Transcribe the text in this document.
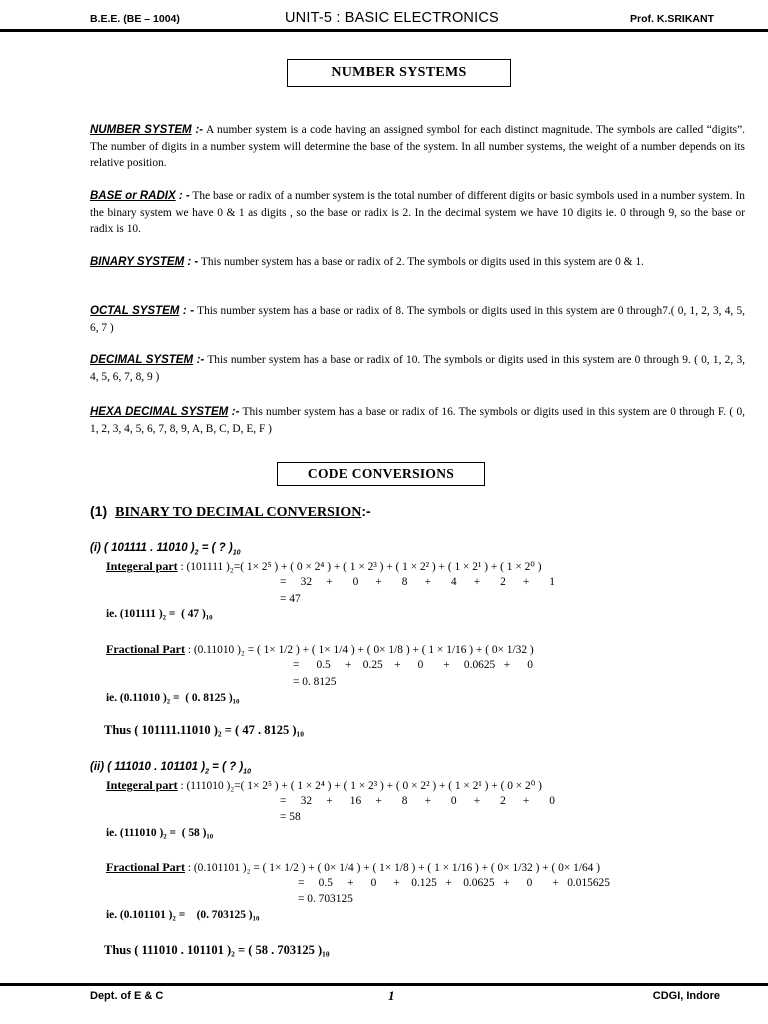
B.E.E. (BE – 1004)	UNIT-5 : BASIC ELECTRONICS	Prof. K.SRIKANT
NUMBER SYSTEMS
NUMBER SYSTEM :- A number system is a code having an assigned symbol for each distinct magnitude. The symbols are called “digits”. The number of digits in a number system will determine the base of the system. In all number systems, the weight of a number depends on its relative position.
BASE or RADIX : - The base or radix of a number system is the total number of different digits or basic symbols used in a number system. In the binary system we have 0 & 1 as digits , so the base or radix is 2. In the decimal system we have 10 digits ie. 0 through 9, so the base or radix is 10.
BINARY SYSTEM : - This number system has a base or radix of 2. The symbols or digits used in this system are 0 & 1.
OCTAL SYSTEM : - This number system has a base or radix of 8. The symbols or digits used in this system are 0 through7.( 0, 1, 2, 3, 4, 5, 6, 7 )
DECIMAL SYSTEM :- This number system has a base or radix of 10. The symbols or digits used in this system are 0 through 9. ( 0, 1, 2, 3, 4, 5, 6, 7, 8, 9 )
HEXA DECIMAL SYSTEM :- This number system has a base or radix of 16. The symbols or digits used in this system are 0 through F. ( 0, 1, 2, 3, 4, 5, 6, 7, 8, 9, A, B, C, D, E, F )
CODE CONVERSIONS
(1) BINARY TO DECIMAL CONVERSION:-
(i) ( 101111 . 11010 )$_2$ = ( ? )$_{10}$
Integeral part : (101111 )₂=( 1× 2⁵ ) + ( 0 × 2⁴ ) + ( 1 × 2³ ) + ( 1 × 2² ) + ( 1 × 2¹ ) + ( 1 × 2⁰ )
=     32     +       0      +       8      +       4      +       2      +       1
= 47
ie. (101111 )₂ =  ( 47 )₁₀
Fractional Part : (0.11010 )₂ = ( 1× 1/2 ) + ( 1× 1/4 ) + ( 0× 1/8 ) + ( 1 × 1/16 ) + ( 0× 1/32 )
=      0.5     +    0.25    +      0       +     0.0625   +      0
= 0. 8125
ie. (0.11010 )₂ =  ( 0. 8125 )₁₀
Thus ( 101111.11010 )₂ = ( 47 . 8125 )₁₀
(ii) ( 111010 . 101101 )$_2$ = ( ? )$_{10}$
Integeral part : (111010 )₂=( 1× 2⁵ ) + ( 1 × 2⁴ ) + ( 1 × 2³ ) + ( 0 × 2² ) + ( 1 × 2¹ ) + ( 0 × 2⁰ )
=     32     +      16     +       8      +       0      +       2      +       0
= 58
ie. (111010 )₂ =  ( 58 )₁₀
Fractional Part : (0.101101 )₂ = ( 1× 1/2 ) + ( 0× 1/4 ) + ( 1× 1/8 ) + ( 1 × 1/16 ) + ( 0× 1/32 ) + ( 0× 1/64 )
=     0.5     +      0      +    0.125   +    0.0625   +      0       +   0.015625
= 0. 703125
ie. (0.101101 )₂ =    (0. 703125 )₁₀
Thus ( 111010 . 101101 )₂ = ( 58 . 703125 )₁₀
Dept. of E & C	1	CDGI, Indore
